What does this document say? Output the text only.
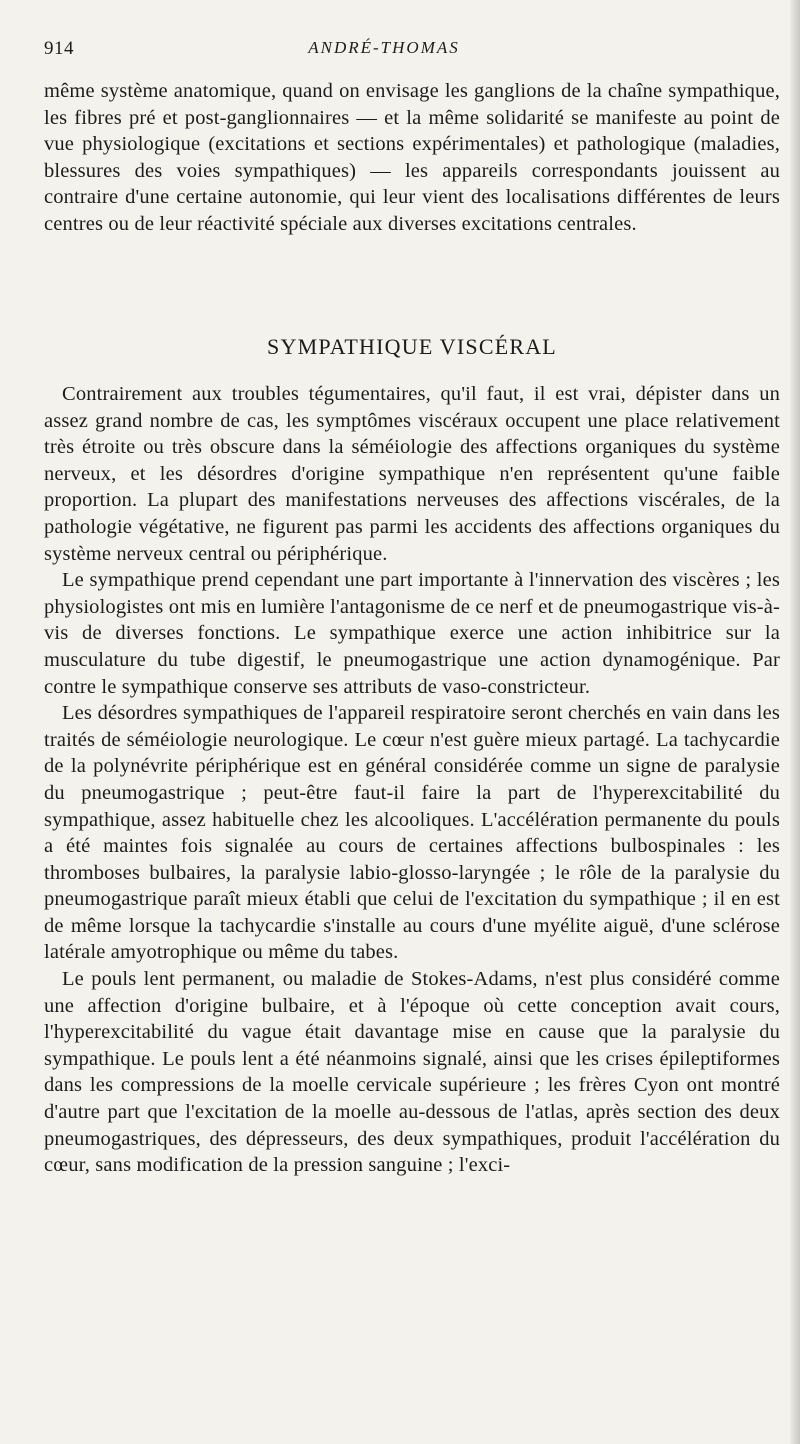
914	ANDRÉ-THOMAS

même système anatomique, quand on envisage les ganglions de la chaîne sympathique, les fibres pré et post-ganglionnaires — et la même solidarité se manifeste au point de vue physiologique (excitations et sections expérimentales) et pathologique (maladies, blessures des voies sympathiques) — les appareils correspondants jouissent au contraire d'une certaine autonomie, qui leur vient des localisations différentes de leurs centres ou de leur réactivité spéciale aux diverses excitations centrales.

SYMPATHIQUE VISCÉRAL

Contrairement aux troubles tégumentaires, qu'il faut, il est vrai, dépister dans un assez grand nombre de cas, les symptômes viscéraux occupent une place relativement très étroite ou très obscure dans la séméiologie des affections organiques du système nerveux, et les désordres d'origine sympathique n'en représentent qu'une faible proportion. La plupart des manifestations nerveuses des affections viscérales, de la pathologie végétative, ne figurent pas parmi les accidents des affections organiques du système nerveux central ou périphérique.

Le sympathique prend cependant une part importante à l'innervation des viscères ; les physiologistes ont mis en lumière l'antagonisme de ce nerf et de pneumogastrique vis-à-vis de diverses fonctions. Le sympathique exerce une action inhibitrice sur la musculature du tube digestif, le pneumogastrique une action dynamogénique. Par contre le sympathique conserve ses attributs de vaso-constricteur.

Les désordres sympathiques de l'appareil respiratoire seront cherchés en vain dans les traités de séméiologie neurologique. Le cœur n'est guère mieux partagé. La tachycardie de la polynévrite périphérique est en général considérée comme un signe de paralysie du pneumogastrique ; peut-être faut-il faire la part de l'hyperexcitabilité du sympathique, assez habituelle chez les alcooliques. L'accélération permanente du pouls a été maintes fois signalée au cours de certaines affections bulbospinales : les thromboses bulbaires, la paralysie labio-glosso-laryngée ; le rôle de la paralysie du pneumogastrique paraît mieux établi que celui de l'excitation du sympathique ; il en est de même lorsque la tachycardie s'installe au cours d'une myélite aiguë, d'une sclérose latérale amyotrophique ou même du tabes.

Le pouls lent permanent, ou maladie de Stokes-Adams, n'est plus considéré comme une affection d'origine bulbaire, et à l'époque où cette conception avait cours, l'hyperexcitabilité du vague était davantage mise en cause que la paralysie du sympathique. Le pouls lent a été néanmoins signalé, ainsi que les crises épileptiformes dans les compressions de la moelle cervicale supérieure ; les frères Cyon ont montré d'autre part que l'excitation de la moelle au-dessous de l'atlas, après section des deux pneumogastriques, des dépresseurs, des deux sympathiques, produit l'accélération du cœur, sans modification de la pression sanguine ; l'exci-
